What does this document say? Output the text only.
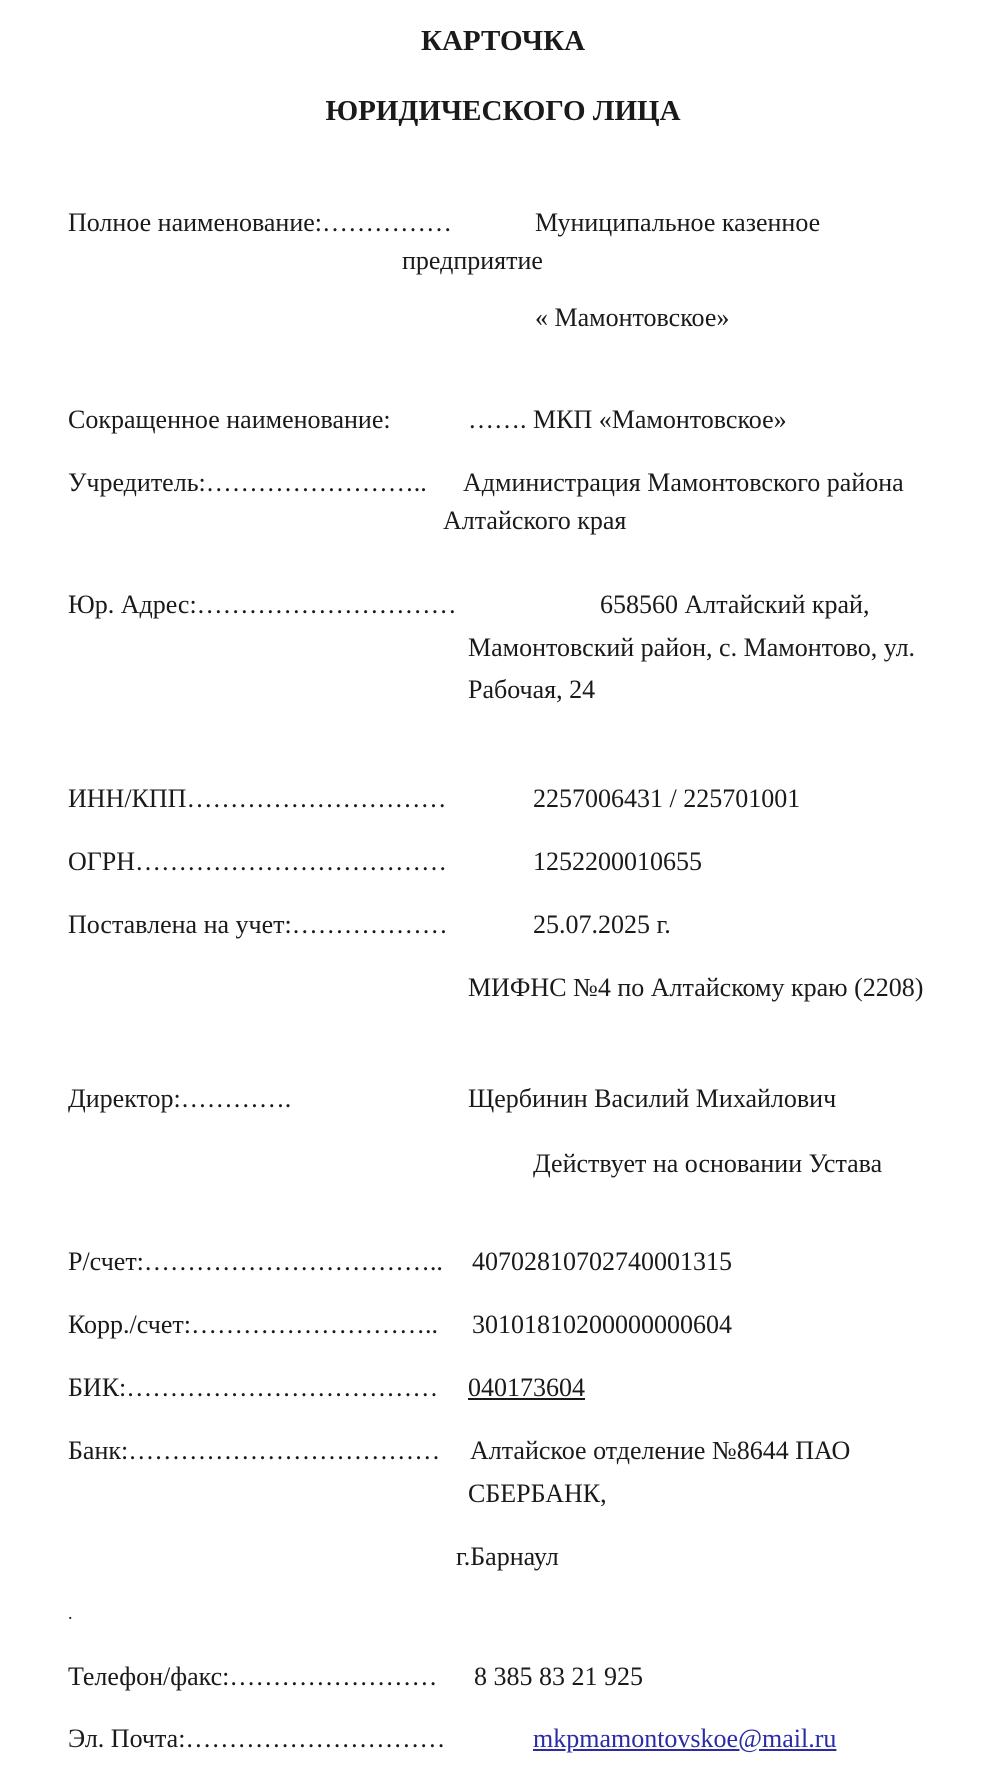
КАРТОЧКА
ЮРИДИЧЕСКОГО ЛИЦА
Полное наименование:……………	Муниципальное казенное
предприятие
« Мамонтовское»
Сокращенное наименование:	……. МКП «Мамонтовское»
Учредитель:…………………….. Администрация Мамонтовского района
Алтайского края
Юр. Адрес:…………………………	658560 Алтайский край,
Мамонтовский район, с. Мамонтово, ул.
Рабочая, 24
ИНН/КПП…………………………	2257006431 / 225701001
ОГРН………………………………	1252200010655
Поставлена на учет:………………	25.07.2025 г.
МИФНС №4 по Алтайскому краю (2208)
Директор:………….	Щербинин Василий Михайлович
Действует на основании Устава
Р/счет:…………………………….. 40702810702740001315
Корр./счет:……………………….. 30101810200000000604
БИК:……………………………… 040173604
Банк:……………………………… Алтайское отделение №8644 ПАО
СБЕРБАНК,
г.Барнаул
.
Телефон/факс:…………………… 8 385 83 21 925
Эл. Почта:…………………………	mkpmamontovskoe@mail.ru
